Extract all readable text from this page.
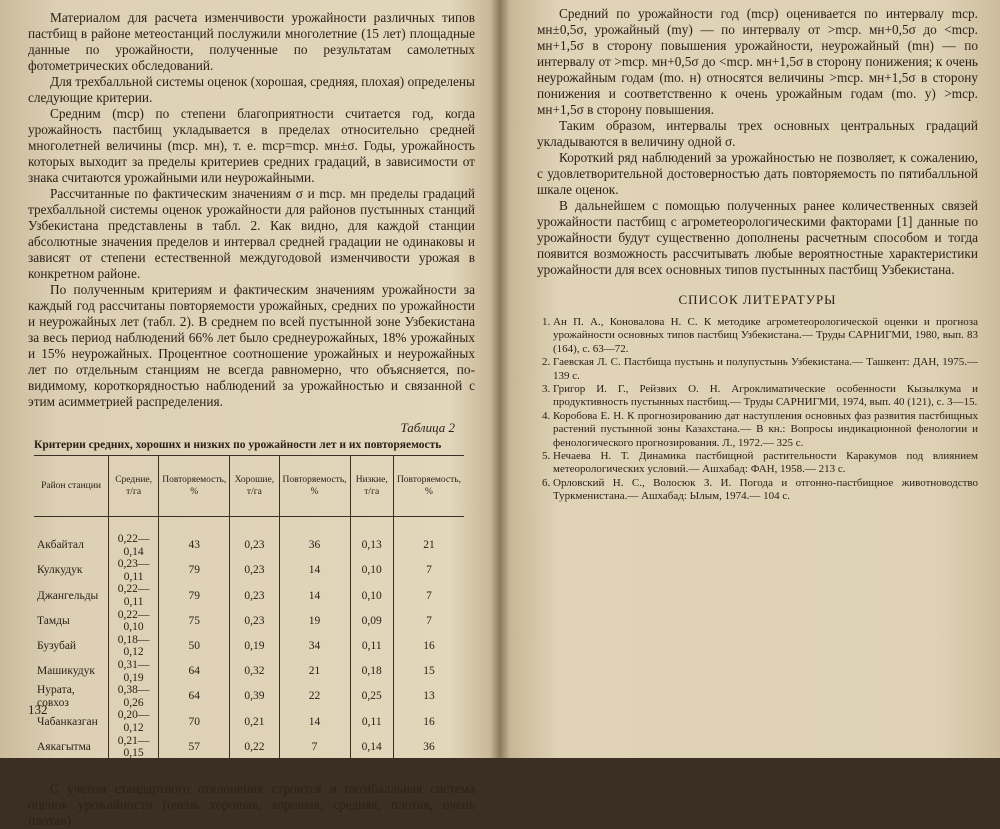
Материалом для расчета изменчивости урожайности различных типов пастбищ в районе метеостанций послужили многолетние (15 лет) площадные данные по урожайности, полученные по результатам самолетных фотометрических обследований.

Для трехбалльной системы оценок (хорошая, средняя, плохая) определены следующие критерии.

Средним (mср) по степени благоприятности считается год, когда урожайность пастбищ укладывается в пределах относительно средней многолетней величины (mср. мн), т. е. mср=mср. мн±σ. Годы, урожайность которых выходит за пределы критериев средних градаций, в зависимости от знака считаются урожайными или неурожайными.

Рассчитанные по фактическим значениям σ и mср. мн пределы градаций трехбалльной системы оценок урожайности для районов пустынных станций Узбекистана представлены в табл. 2. Как видно, для каждой станции абсолютные значения пределов и интервал средней градации не одинаковы и зависят от степени естественной междугодовой изменчивости урожая в конкретном районе.

По полученным критериям и фактическим значениям урожайности за каждый год рассчитаны повторяемости урожайных, средних по урожайности и неурожайных лет (табл. 2). В среднем по всей пустынной зоне Узбекистана за весь период наблюдений 66% лет было среднеурожайных, 18% урожайных и 15% неурожайных. Процентное соотношение урожайных и неурожайных лет по отдельным станциям не всегда равномерно, что объясняется, по-видимому, короткорядностью наблюдений за урожайностью и связанной с этим асимметрией распределения.

Таблица 2
Критерии средних, хороших и низких по урожайности лет и их повторяемость
Район станции	Средние, т/га	Повторяемость, %	Хорошие, т/га	Повторяемость, %	Низкие, т/га	Повторяемость, %
Акбайтал	0,22—0,14	43	0,23	36	0,13	21
Кулкудук	0,23—0,11	79	0,23	14	0,10	7
Джангельды	0,22—0,11	79	0,23	14	0,10	7
Тамды	0,22—0,10	75	0,23	19	0,09	7
Бузубай	0,18—0,12	50	0,19	34	0,11	16
Машикудук	0,31—0,19	64	0,32	21	0,18	15
Нурата, совхоз	0,38—0,26	64	0,39	22	0,25	13
Чабанказган	0,20—0,12	70	0,21	14	0,11	16
Аякагытма	0,21—0,15	57	0,22	7	0,14	36

С учетом стандартного отклонения строится и пятибалльная система оценок урожайности (очень хорошая, хорошая, средняя, плохая, очень плохая).

132

Средний по урожайности год (mср) оценивается по интервалу mср. мн±0,5σ, урожайный (mу) — по интервалу от >mср. мн+0,5σ до <mср. мн+1,5σ в сторону повышения урожайности, неурожайный (mн) — по интервалу от >mср. мн+0,5σ до <mср. мн+1,5σ в сторону понижения; к очень неурожайным годам (mо. н) относятся величины >mср. мн+1,5σ в сторону понижения и соответственно к очень урожайным годам (mо. у) >mср. мн+1,5σ в сторону повышения.

Таким образом, интервалы трех основных центральных градаций укладываются в величину одной σ.

Короткий ряд наблюдений за урожайностью не позволяет, к сожалению, с удовлетворительной достоверностью дать повторяемость по пятибалльной шкале оценок.

В дальнейшем с помощью полученных ранее количественных связей урожайности пастбищ с агрометеорологическими факторами [1] данные по урожайности будут существенно дополнены расчетным способом и тогда появится возможность рассчитывать любые вероятностные характеристики урожайности для всех основных типов пустынных пастбищ Узбекистана.

СПИСОК ЛИТЕРАТУРЫ
1. Ан П. А., Коновалова Н. С. К методике агрометеорологической оценки и прогноза урожайности основных типов пастбищ Узбекистана.— Труды САРНИГМИ, 1980, вып. 83 (164), с. 63—72.
2. Гаевская Л. С. Пастбища пустынь и полупустынь Узбекистана.— Ташкент: ДАН, 1975.— 139 с.
3. Григор И. Г., Рейзвих О. Н. Агроклиматические особенности Кызылкума и продуктивность пустынных пастбищ.— Труды САРНИГМИ, 1974, вып. 40 (121), с. 3—15.
4. Коробова Е. Н. К прогнозированию дат наступления основных фаз развития пастбищных растений пустынной зоны Казахстана.— В кн.: Вопросы индикационной фенологии и фенологического прогнозирования. Л., 1972.— 325 с.
5. Нечаева Н. Т. Динамика пастбищной растительности Каракумов под влиянием метеорологических условий.— Ашхабад: ФАН, 1958.— 213 с.
6. Орловский Н. С., Волосюк З. И. Погода и отгонно-пастбищное животноводство Туркменистана.— Ашхабад: Ылым, 1974.— 104 с.
